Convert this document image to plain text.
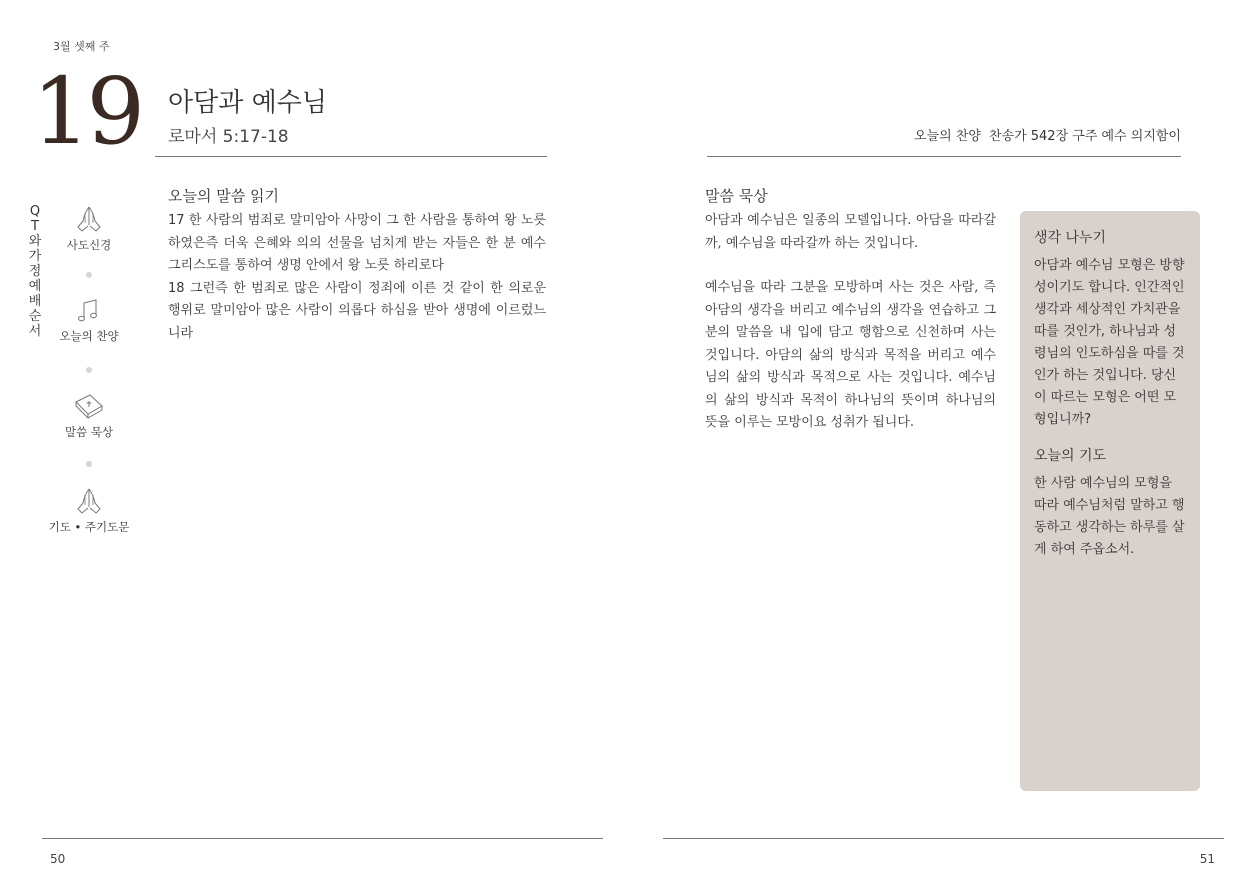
3월 셋째 주
19 아담과 예수님
로마서 5:17-18	오늘의 찬양 찬송가 542장 구주 예수 의지함이
QT와 가정예배 순서
사도신경
오늘의 찬양
말씀 묵상
기도 • 주기도문
오늘의 말씀 읽기

17 한 사람의 범죄로 말미암아 사망이 그 한 사람을 통하여 왕 노릇 하였은즉 더욱 은혜와 의의 선물을 넘치게 받는 자들은 한 분 예수 그리스도를 통하여 생명 안에서 왕 노릇 하리로다

18 그런즉 한 범죄로 많은 사람이 정죄에 이른 것 같이 한 의로운 행위로 말미암아 많은 사람이 의롭다 하심을 받아 생명에 이르렀느니라

말씀 묵상

아담과 예수님은 일종의 모델입니다. 아담을 따라갈까, 예수님을 따라갈까 하는 것입니다.

예수님을 따라 그분을 모방하며 사는 것은 사람, 즉 아담의 생각을 버리고 예수님의 생각을 연습하고 그분의 말씀을 내 입에 담고 행함으로 신천하며 사는 것입니다. 아담의 삶의 방식과 목적을 버리고 예수님의 삶의 방식과 목적으로 사는 것입니다. 예수님의 삶의 방식과 목적이 하나님의 뜻이며 하나님의 뜻을 이루는 모방이요 성취가 됩니다.

생각 나누기

아담과 예수님 모형은 방향성이기도 합니다. 인간적인 생각과 세상적인 가치관을 따를 것인가, 하나님과 성령님의 인도하심을 따를 것인가 하는 것입니다. 당신이 따르는 모형은 어떤 모형입니까?

오늘의 기도

한 사람 예수님의 모형을 따라 예수님처럼 말하고 행동하고 생각하는 하루를 살게 하여 주옵소서.

50	51
